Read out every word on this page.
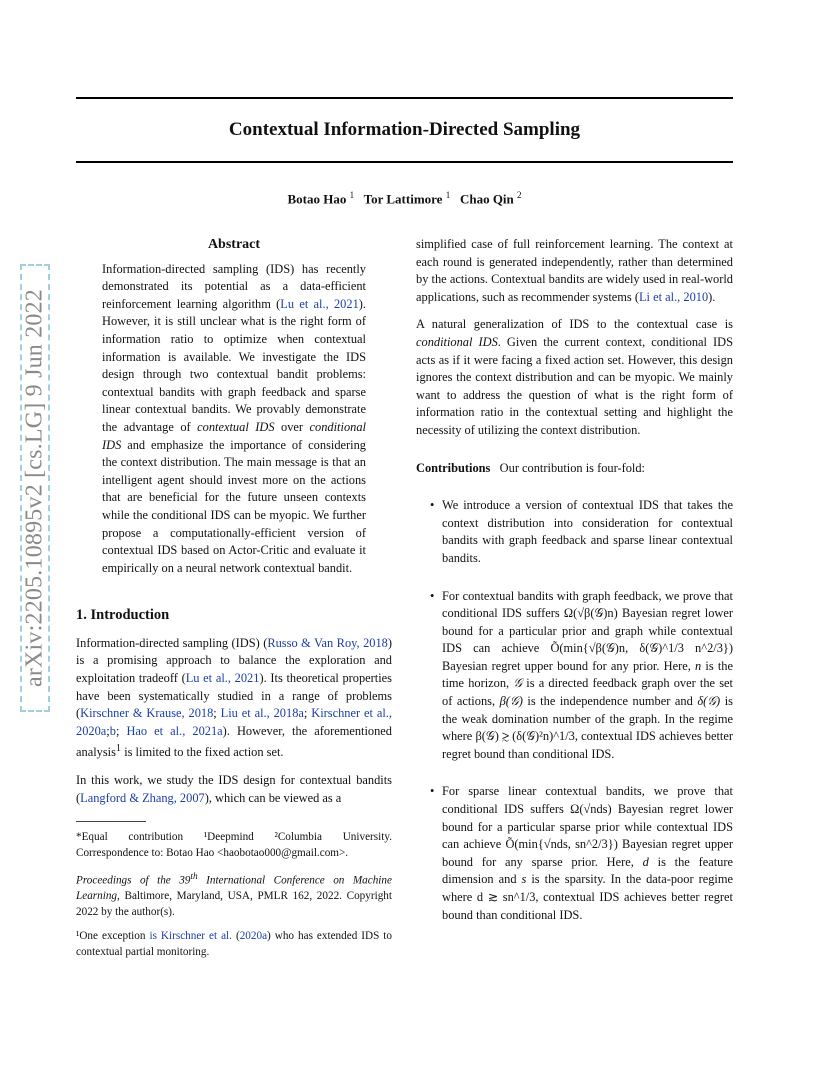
Contextual Information-Directed Sampling
Botao Hao $^1$ Tor Lattimore $^1$ Chao Qin $^2$
arXiv:2205.10895v2 [cs.LG] 9 Jun 2022
Abstract
Information-directed sampling (IDS) has recently demonstrated its potential as a data-efficient reinforcement learning algorithm (Lu et al., 2021). However, it is still unclear what is the right form of information ratio to optimize when contextual information is available. We investigate the IDS design through two contextual bandit problems: contextual bandits with graph feedback and sparse linear contextual bandits. We provably demonstrate the advantage of contextual IDS over conditional IDS and emphasize the importance of considering the context distribution. The main message is that an intelligent agent should invest more on the actions that are beneficial for the future unseen contexts while the conditional IDS can be myopic. We further propose a computationally-efficient version of contextual IDS based on Actor-Critic and evaluate it empirically on a neural network contextual bandit.
1. Introduction
Information-directed sampling (IDS) (Russo & Van Roy, 2018) is a promising approach to balance the exploration and exploitation tradeoff (Lu et al., 2021). Its theoretical properties have been systematically studied in a range of problems (Kirschner & Krause, 2018; Liu et al., 2018a; Kirschner et al., 2020a;b; Hao et al., 2021a). However, the aforementioned analysis$^1$ is limited to the fixed action set.
In this work, we study the IDS design for contextual bandits (Langford & Zhang, 2007), which can be viewed as a
*Equal contribution ¹Deepmind ²Columbia University. Correspondence to: Botao Hao <haobotao000@gmail.com>.
Proceedings of the 39th International Conference on Machine Learning, Baltimore, Maryland, USA, PMLR 162, 2022. Copyright 2022 by the author(s).
¹One exception is Kirschner et al. (2020a) who has extended IDS to contextual partial monitoring.
simplified case of full reinforcement learning. The context at each round is generated independently, rather than determined by the actions. Contextual bandits are widely used in real-world applications, such as recommender systems (Li et al., 2010).
A natural generalization of IDS to the contextual case is conditional IDS. Given the current context, conditional IDS acts as if it were facing a fixed action set. However, this design ignores the context distribution and can be myopic. We mainly want to address the question of what is the right form of information ratio in the contextual setting and highlight the necessity of utilizing the context distribution.
Contributions Our contribution is four-fold:
• We introduce a version of contextual IDS that takes the context distribution into consideration for contextual bandits with graph feedback and sparse linear contextual bandits.
• For contextual bandits with graph feedback, we prove that conditional IDS suffers Ω(√β(𝒢)n) Bayesian regret lower bound for a particular prior and graph while contextual IDS can achieve Õ(min{√β(𝒢)n, δ(𝒢)^1/3 n^2/3}) Bayesian regret upper bound for any prior. Here, n is the time horizon, 𝒢 is a directed feedback graph over the set of actions, β(𝒢) is the independence number and δ(𝒢) is the weak domination number of the graph. In the regime where β(𝒢) ≳ (δ(𝒢)²n)^1/3, contextual IDS achieves better regret bound than conditional IDS.
• For sparse linear contextual bandits, we prove that conditional IDS suffers Ω(√nds) Bayesian regret lower bound for a particular sparse prior while contextual IDS can achieve Õ(min{√nds, sn^2/3}) Bayesian regret upper bound for any sparse prior. Here, d is the feature dimension and s is the sparsity. In the data-poor regime where d ≳ sn^1/3, contextual IDS achieves better regret bound than conditional IDS.
